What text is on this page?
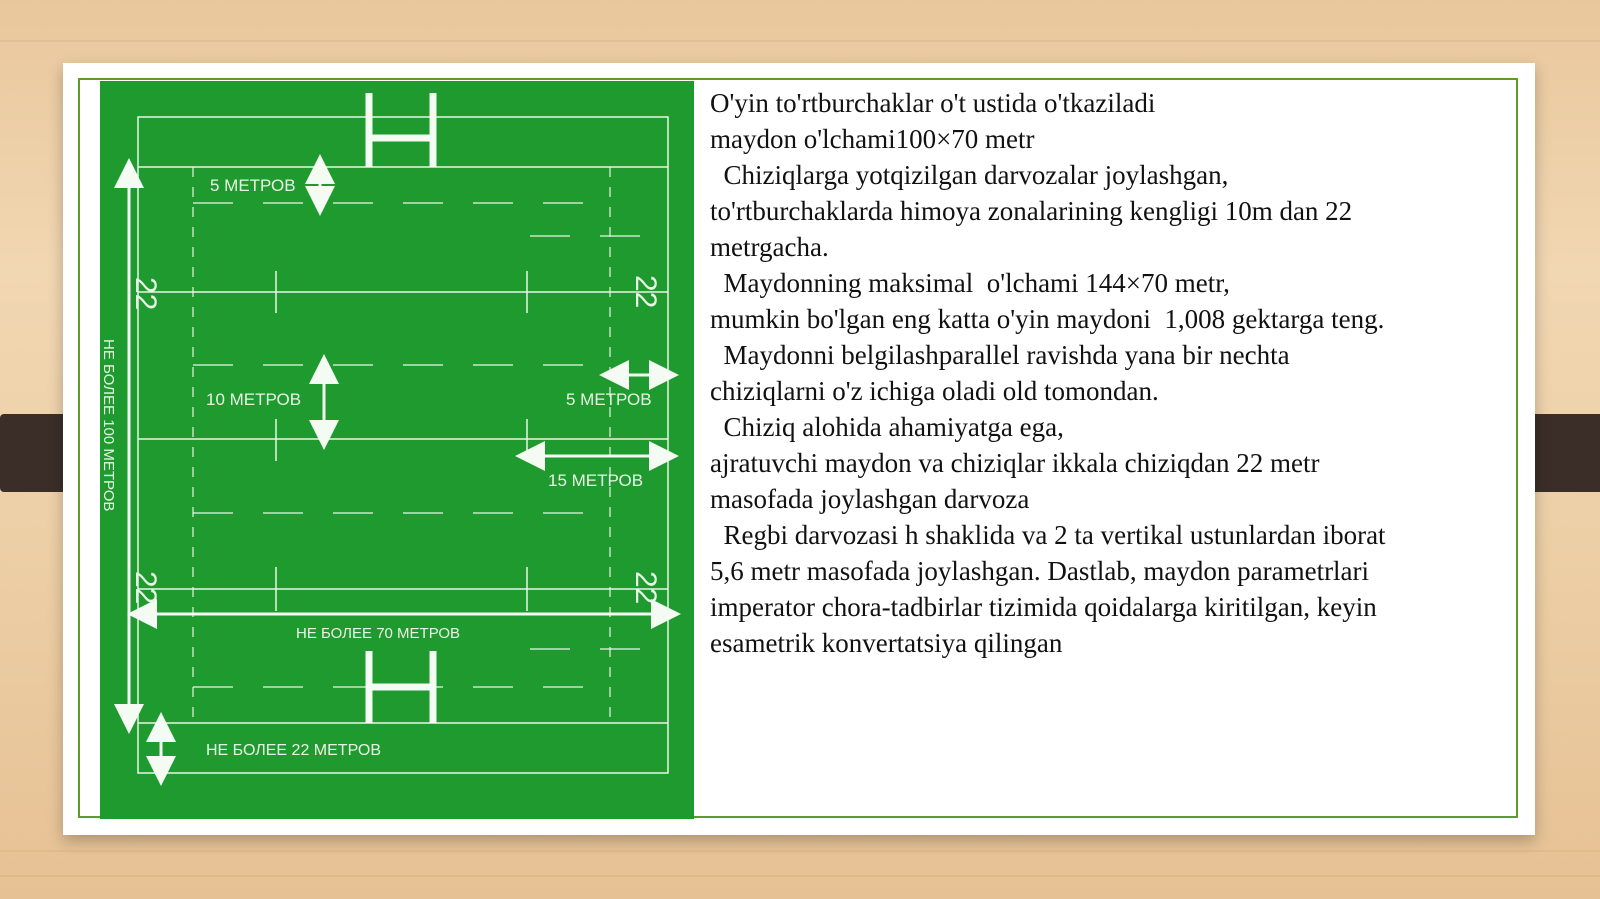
5 МЕТРОВ
10 МЕТРОВ	5 МЕТРОВ
15 МЕТРОВ
НЕ БОЛЕЕ 70 МЕТРОВ
НЕ БОЛЕЕ 22 МЕТРОВ
НЕ БОЛЕЕ 100 МЕТРОВ
22	22
22	22
O'yin to'rtburchaklar o't ustida o'tkaziladi
maydon o'lchami100×70 metr
Chiziqlarga yotqizilgan darvozalar joylashgan,
to'rtburchaklarda himoya zonalarining kengligi 10m dan 22
metrgacha.
Maydonning maksimal  o'lchami 144×70 metr,
mumkin bo'lgan eng katta o'yin maydoni  1,008 gektarga teng.
Maydonni belgilashparallel ravishda yana bir nechta
chiziqlarni o'z ichiga oladi old tomondan.
Chiziq alohida ahamiyatga ega,
ajratuvchi maydon va chiziqlar ikkala chiziqdan 22 metr
masofada joylashgan darvoza
Regbi darvozasi h shaklida va 2 ta vertikal ustunlardan iborat
5,6 metr masofada joylashgan. Dastlab, maydon parametrlari
imperator chora-tadbirlar tizimida qoidalarga kiritilgan, keyin
esametrik konvertatsiya qilingan
